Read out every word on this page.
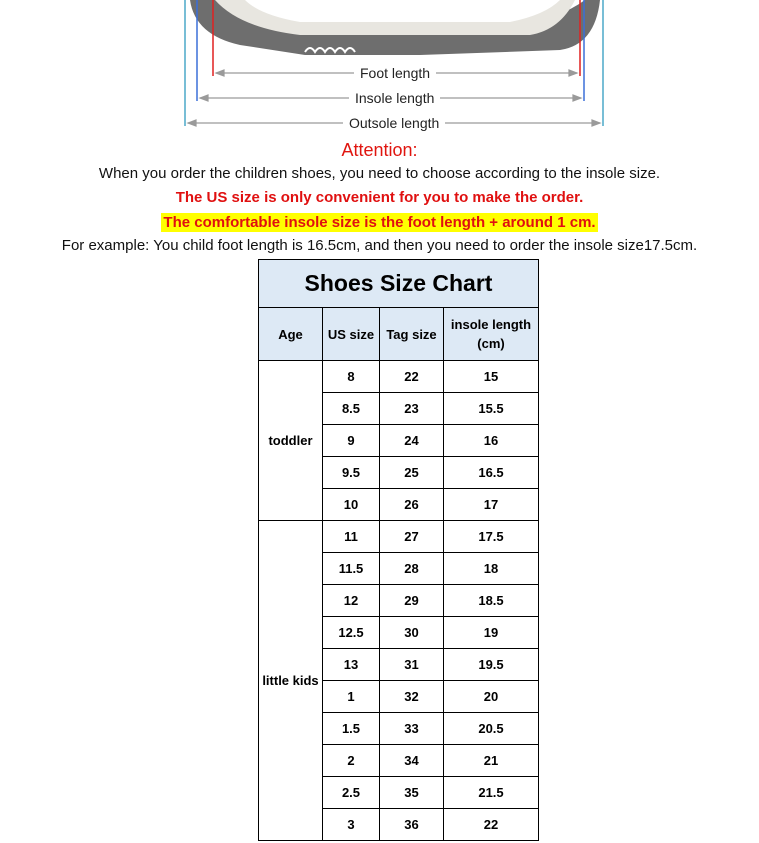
Foot length
Insole length
Outsole length
Attention:
When you order the children shoes, you need to choose according to the insole size.
The US size is only convenient for you to make the order.
The comfortable insole size is the foot length + around 1 cm.
For example: You child foot length is 16.5cm, and then you need to order the insole size17.5cm.
Shoes Size Chart			
Age	US size	Tag size	insole length (cm)
toddler	8	22	15
	8.5	23	15.5
	9	24	16
	9.5	25	16.5
	10	26	17
little kids	11	27	17.5
	11.5	28	18
	12	29	18.5
	12.5	30	19
	13	31	19.5
	1	32	20
	1.5	33	20.5
	2	34	21
	2.5	35	21.5
	3	36	22
